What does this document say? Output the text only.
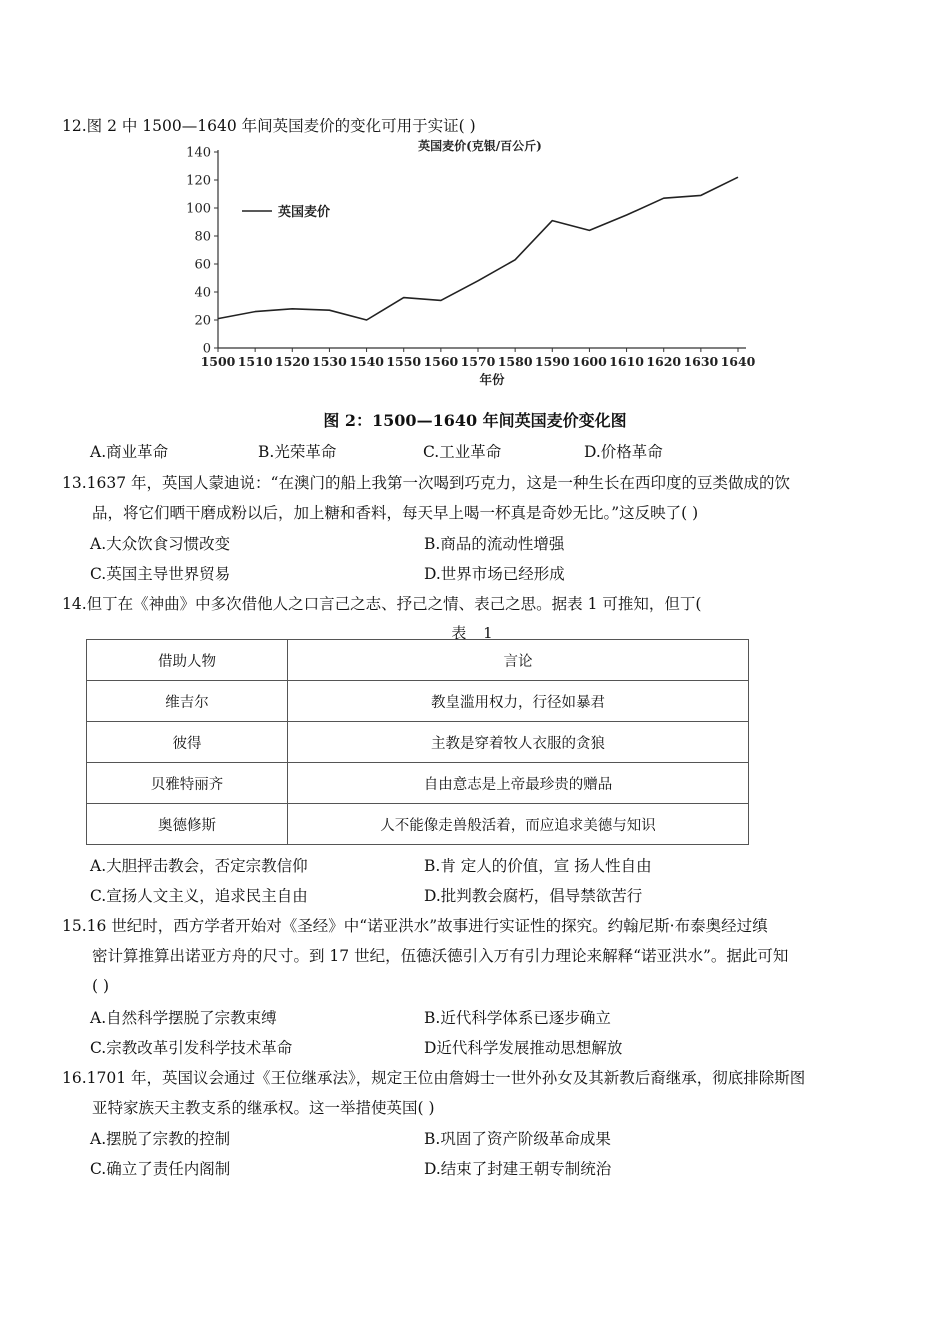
12.图 2 中 1500—1640 年间英国麦价的变化可用于实证( )
0
20
40
60
80
100
120
140
1500 1510 1520 1530 1540 1550 1560 1570 1580 1590 1600 1610 1620 1630 1640
英国麦价(克银/百公斤)
年份
英国麦价
图 2：1500—1640 年间英国麦价变化图
A.商业革命	B.光荣革命	C.工业革命	D.价格革命
13.1637 年，英国人蒙迪说：“在澳门的船上我第一次喝到巧克力，这是一种生长在西印度的豆类做成的饮
品，将它们晒干磨成粉以后，加上糖和香料，每天早上喝一杯真是奇妙无比。”这反映了( )
A.大众饮食习惯改变	B.商品的流动性增强
C.英国主导世界贸易	D.世界市场已经形成
14.但丁在《神曲》中多次借他人之口言己之志、抒己之情、表己之思。据表 1 可推知，但丁(
表 1
借助人物	言论
维吉尔	教皇滥用权力，行径如暴君
彼得	主教是穿着牧人衣服的贪狼
贝雅特丽齐	自由意志是上帝最珍贵的赠品
奥德修斯	人不能像走兽般活着，而应追求美德与知识
A.大胆抨击教会，否定宗教信仰	B.肯 定人的价值，宣 扬人性自由
C.宣扬人文主义，追求民主自由	D.批判教会腐朽，倡导禁欲苦行
15.16 世纪时，西方学者开始对《圣经》中“诺亚洪水”故事进行实证性的探究。约翰尼斯·布泰奥经过缜
密计算推算出诺亚方舟的尺寸。到 17 世纪，伍德沃德引入万有引力理论来解释“诺亚洪水”。据此可知
( )
A.自然科学摆脱了宗教束缚	B.近代科学体系已逐步确立
C.宗教改革引发科学技术革命	D近代科学发展推动思想解放
16.1701 年，英国议会通过《王位继承法》，规定王位由詹姆士一世外孙女及其新教后裔继承，彻底排除斯图
亚特家族天主教支系的继承权。这一举措使英国( )
A.摆脱了宗教的控制	B.巩固了资产阶级革命成果
C.确立了责任内阁制	D.结束了封建王朝专制统治
